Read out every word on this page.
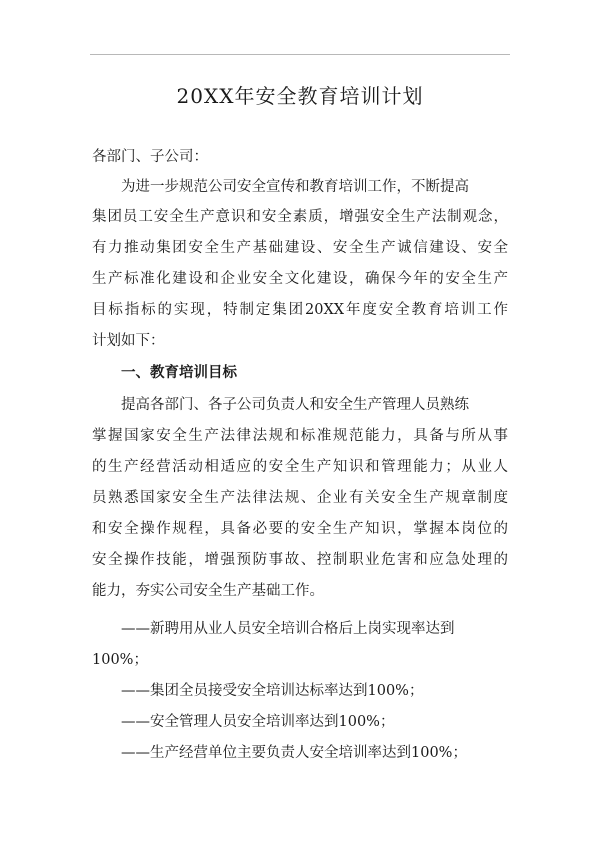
20XX年安全教育培训计划
各部门、子公司：
为进一步规范公司安全宣传和教育培训工作，不断提高
集团员工安全生产意识和安全素质，增强安全生产法制观念，
有力推动集团安全生产基础建设、安全生产诚信建设、安全
生产标准化建设和企业安全文化建设，确保今年的安全生产
目标指标的实现，特制定集团20XX年度安全教育培训工作
计划如下：
一、教育培训目标
提高各部门、各子公司负责人和安全生产管理人员熟练
掌握国家安全生产法律法规和标准规范能力，具备与所从事
的生产经营活动相适应的安全生产知识和管理能力；从业人
员熟悉国家安全生产法律法规、企业有关安全生产规章制度
和安全操作规程，具备必要的安全生产知识，掌握本岗位的
安全操作技能，增强预防事故、控制职业危害和应急处理的
能力，夯实公司安全生产基础工作。
——新聘用从业人员安全培训合格后上岗实现率达到
100%；
——集团全员接受安全培训达标率达到100%；
——安全管理人员安全培训率达到100%；
——生产经营单位主要负责人安全培训率达到100%；
